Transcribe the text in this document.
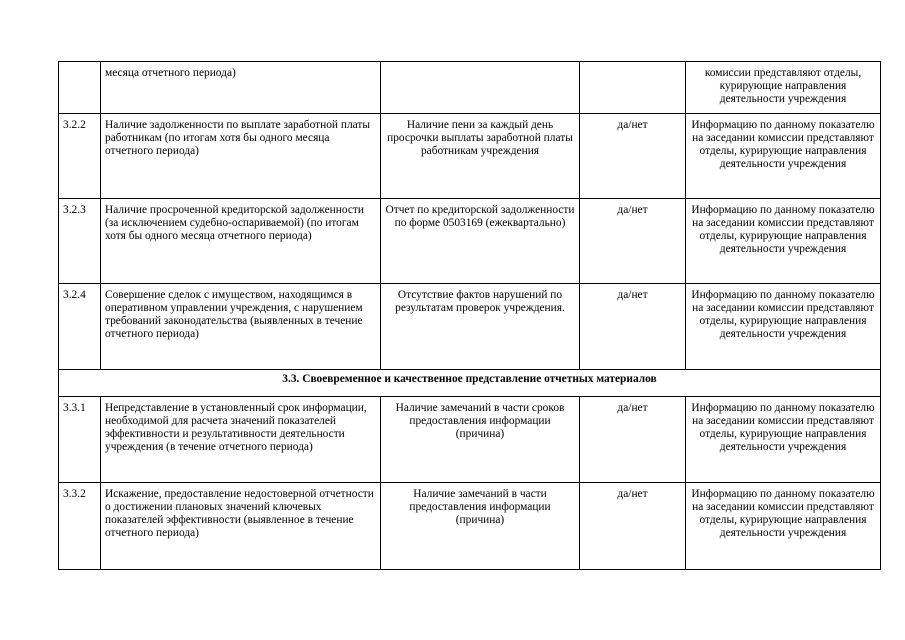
	месяца отчетного периода)			комиссии представляют отделы, курирующие направления деятельности учреждения
3.2.2	Наличие задолженности по выплате заработной платы работникам (по итогам хотя бы одного месяца отчетного периода)	Наличие пени за каждый день просрочки выплаты заработной платы работникам учреждения	да/нет	Информацию по данному показателю на заседании комиссии представляют отделы, курирующие направления деятельности учреждения
3.2.3	Наличие просроченной кредиторской задолженности (за исключением судебно-оспариваемой) (по итогам хотя бы одного месяца отчетного периода)	Отчет по кредиторской задолженности по форме 0503169 (ежеквартально)	да/нет	Информацию по данному показателю на заседании комиссии представляют отделы, курирующие направления деятельности учреждения
3.2.4	Совершение сделок с имуществом, находящимся в оперативном управлении учреждения, с нарушением требований законодательства (выявленных в течение отчетного периода)	Отсутствие фактов нарушений по результатам проверок учреждения.	да/нет	Информацию по данному показателю на заседании комиссии представляют отделы, курирующие направления деятельности учреждения
3.3. Своевременное и качественное представление отчетных материалов				
3.3.1	Непредставление в установленный срок информации, необходимой для расчета значений показателей эффективности и результативности деятельности учреждения (в течение отчетного периода)	Наличие замечаний в части сроков предоставления информации (причина)	да/нет	Информацию по данному показателю на заседании комиссии представляют отделы, курирующие направления деятельности учреждения
3.3.2	Искажение, предоставление недостоверной отчетности о достижении плановых значений ключевых показателей эффективности (выявленное в течение отчетного периода)	Наличие замечаний в части предоставления информации (причина)	да/нет	Информацию по данному показателю на заседании комиссии представляют отделы, курирующие направления деятельности учреждения
